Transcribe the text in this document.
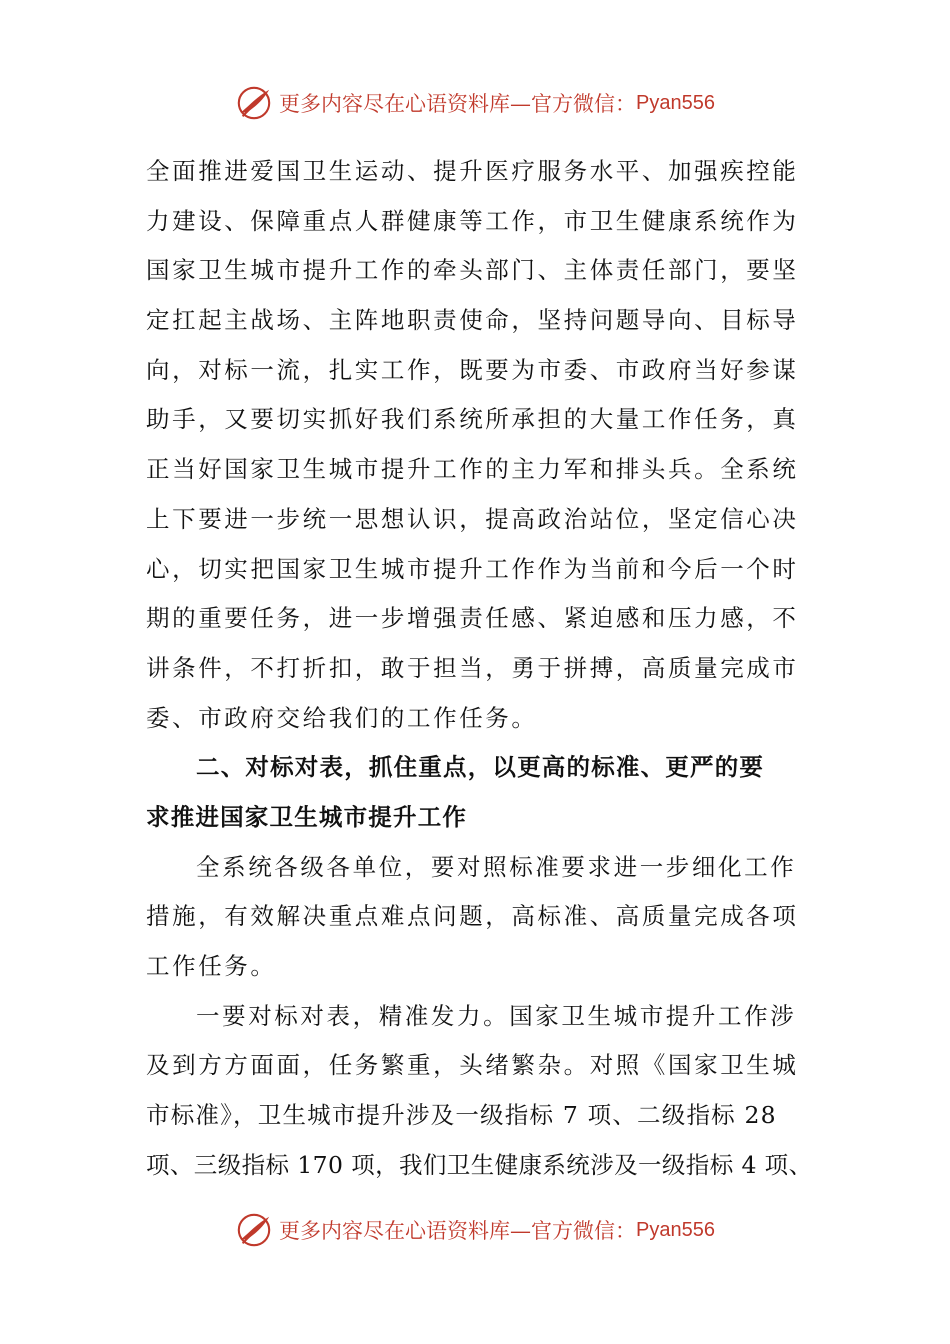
更多内容尽在心语资料库—官方微信： Pyan556
全面推进爱国卫生运动、提升医疗服务水平、加强疾控能
力建设、保障重点人群健康等工作，市卫生健康系统作为
国家卫生城市提升工作的牵头部门、主体责任部门，要坚
定扛起主战场、主阵地职责使命，坚持问题导向、目标导
向，对标一流，扎实工作，既要为市委、市政府当好参谋
助手，又要切实抓好我们系统所承担的大量工作任务，真
正当好国家卫生城市提升工作的主力军和排头兵。全系统
上下要进一步统一思想认识，提高政治站位，坚定信心决
心，切实把国家卫生城市提升工作作为当前和今后一个时
期的重要任务，进一步增强责任感、紧迫感和压力感，不
讲条件，不打折扣，敢于担当，勇于拼搏，高质量完成市
委、市政府交给我们的工作任务。
二、对标对表，抓住重点，以更高的标准、更严的要
求推进国家卫生城市提升工作
全系统各级各单位，要对照标准要求进一步细化工作
措施，有效解决重点难点问题，高标准、高质量完成各项
工作任务。
一要对标对表，精准发力。国家卫生城市提升工作涉
及到方方面面，任务繁重，头绪繁杂。对照《国家卫生城
市标准》，卫生城市提升涉及一级指标 7 项、二级指标 28
项、三级指标 170 项，我们卫生健康系统涉及一级指标 4 项、
更多内容尽在心语资料库—官方微信： Pyan556
